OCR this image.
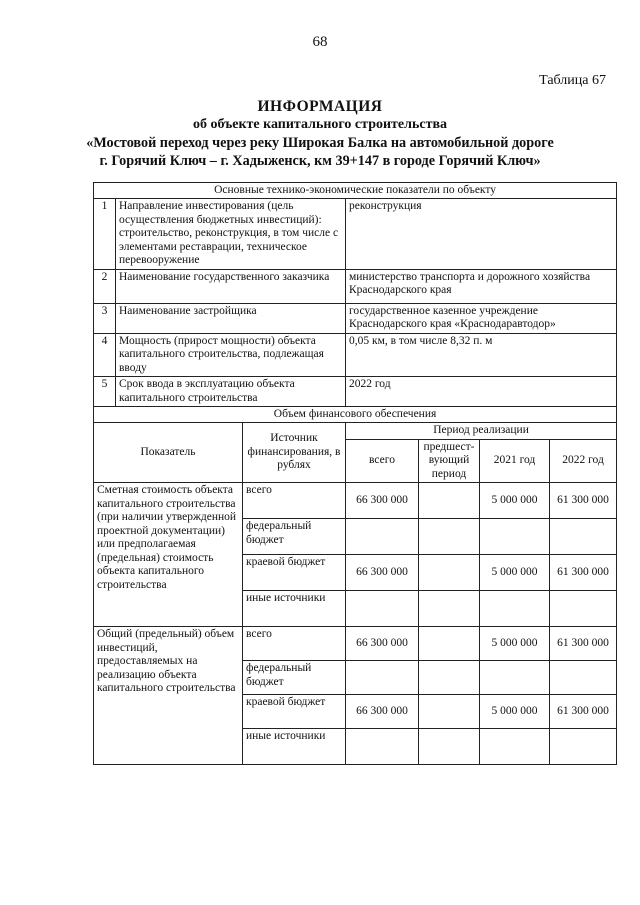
68
Таблица 67
ИНФОРМАЦИЯ
об объекте капитального строительства
«Мостовой переход через реку Широкая Балка на автомобильной дороге
г. Горячий Ключ – г. Хадыженск, км 39+147 в городе Горячий Ключ»
Основные технико-экономические показатели по объекту						
1	Направление инвестирования (цель осуществления бюджетных инвестиций): строительство, реконструкция, в том числе с элементами реставрации, техническое перевооружение		реконструкция			
2	Наименование государственного заказчика		министерство транспорта и дорожного хозяйства Краснодарского края			
3	Наименование застройщика		государственное казенное учреждение Краснодарского края «Краснодаравтодор»			
4	Мощность (прирост мощности) объекта капитального строительства, подлежащая вводу		0,05 км, в том числе 8,32 п. м			
5	Срок ввода в эксплуатацию объекта капитального строительства		2022 год			
Объем финансового обеспечения						
Показатель		Источник финансирования, в рублях	Период реализации			
			всего	предшест-вующий период	2021 год	2022 год
Сметная стоимость объекта капитального строительства (при наличии утвержденной проектной документации) или предполагаемая (предельная) стоимость объекта капитального строительства		всего	66 300 000		5 000 000	61 300 000
		федеральный бюджет				
		краевой бюджет	66 300 000		5 000 000	61 300 000
		иные источники				
Общий (предельный) объем инвестиций, предоставляемых на реализацию объекта капитального строительства		всего	66 300 000		5 000 000	61 300 000
		федеральный бюджет				
		краевой бюджет	66 300 000		5 000 000	61 300 000
		иные источники				
